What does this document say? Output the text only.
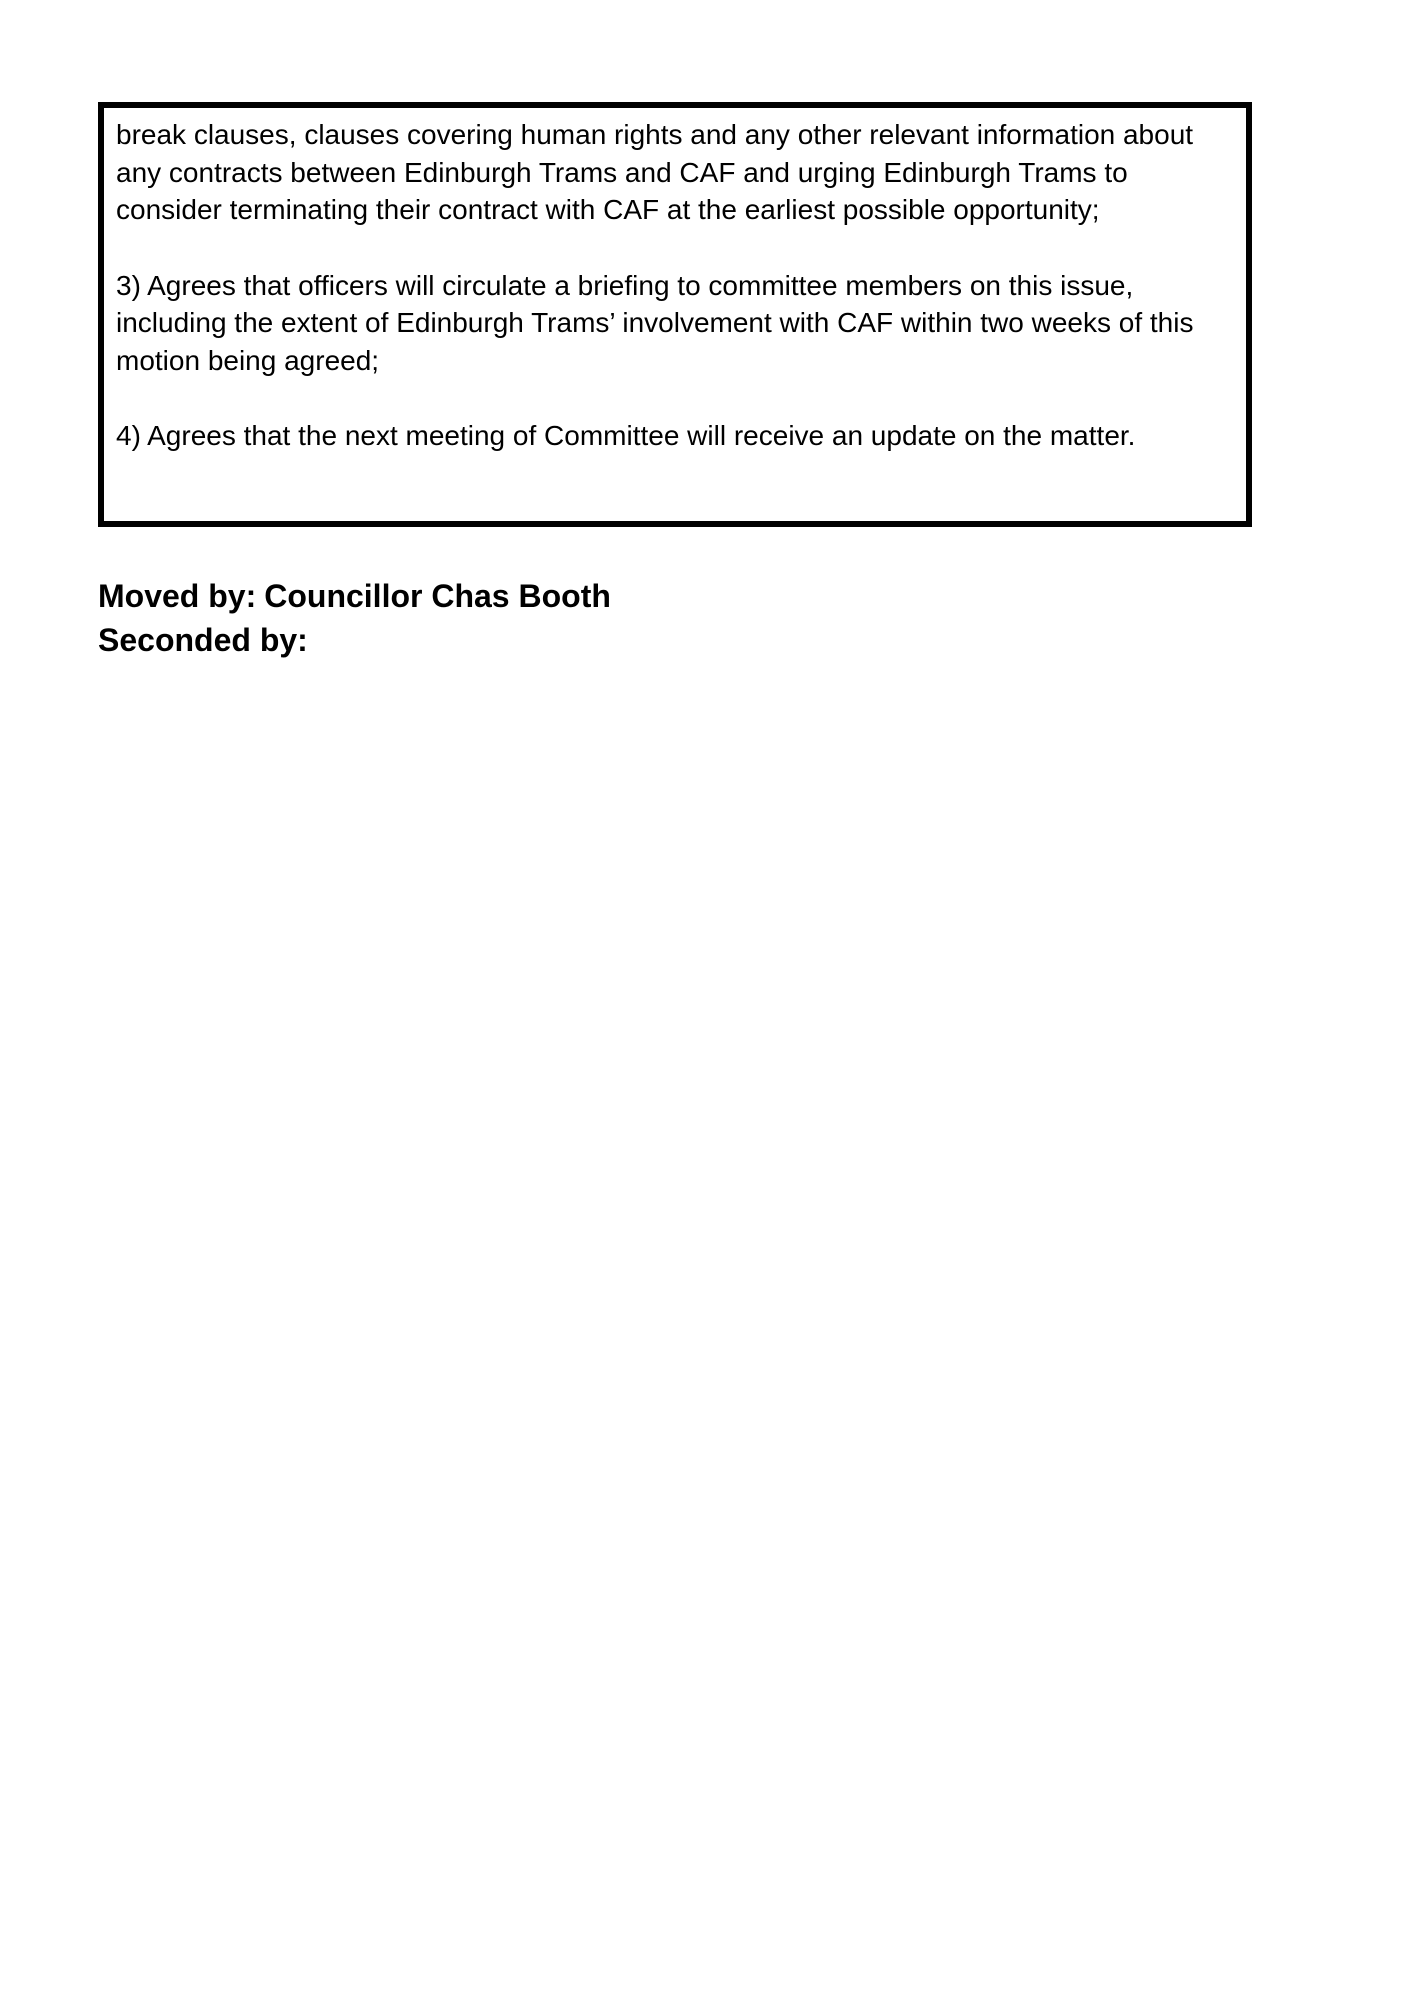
break clauses, clauses covering human rights and any other relevant information about
any contracts between Edinburgh Trams and CAF and urging Edinburgh Trams to
consider terminating their contract with CAF at the earliest possible opportunity;

3) Agrees that officers will circulate a briefing to committee members on this issue,
including the extent of Edinburgh Trams’ involvement with CAF within two weeks of this
motion being agreed;

4) Agrees that the next meeting of Committee will receive an update on the matter.

Moved by: Councillor Chas Booth
Seconded by:
